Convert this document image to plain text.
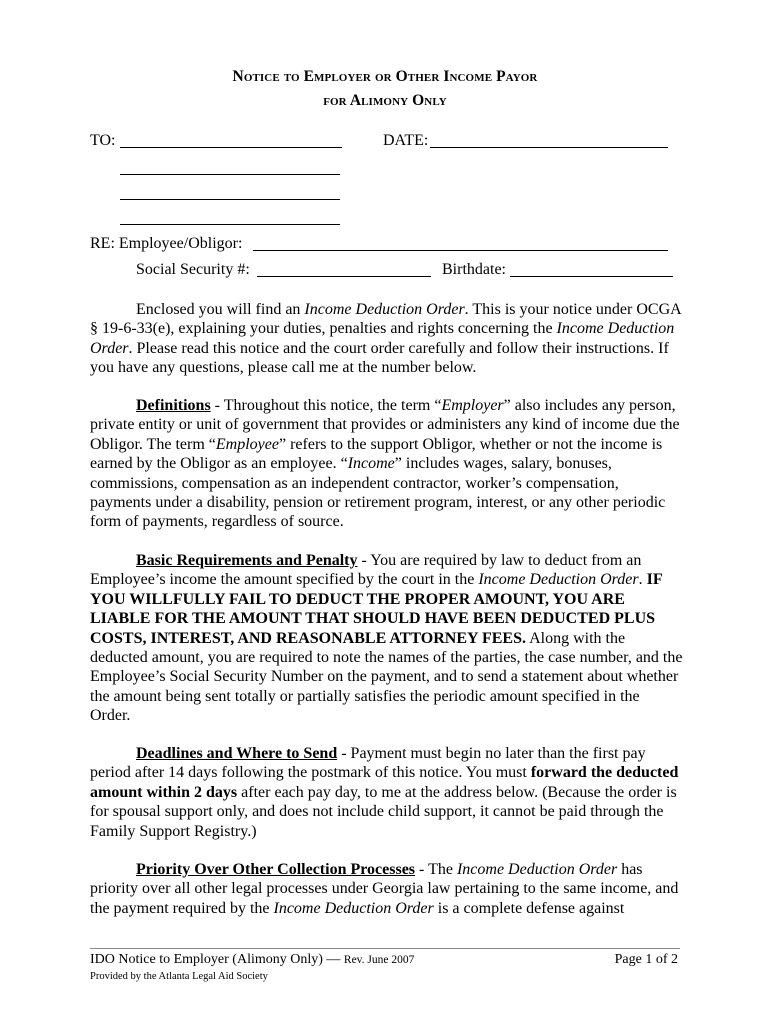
Notice to Employer or Other Income Payor
for Alimony Only
TO:	DATE:
RE: Employee/Obligor:
Social Security #:	Birthdate:

Enclosed you will find an Income Deduction Order. This is your notice under OCGA § 19-6-33(e), explaining your duties, penalties and rights concerning the Income Deduction Order. Please read this notice and the court order carefully and follow their instructions. If you have any questions, please call me at the number below.

Definitions - Throughout this notice, the term “Employer” also includes any person, private entity or unit of government that provides or administers any kind of income due the Obligor. The term “Employee” refers to the support Obligor, whether or not the income is earned by the Obligor as an employee. “Income” includes wages, salary, bonuses, commissions, compensation as an independent contractor, worker’s compensation, payments under a disability, pension or retirement program, interest, or any other periodic form of payments, regardless of source.

Basic Requirements and Penalty - You are required by law to deduct from an Employee’s income the amount specified by the court in the Income Deduction Order. IF YOU WILLFULLY FAIL TO DEDUCT THE PROPER AMOUNT, YOU ARE LIABLE FOR THE AMOUNT THAT SHOULD HAVE BEEN DEDUCTED PLUS COSTS, INTEREST, AND REASONABLE ATTORNEY FEES. Along with the deducted amount, you are required to note the names of the parties, the case number, and the Employee’s Social Security Number on the payment, and to send a statement about whether the amount being sent totally or partially satisfies the periodic amount specified in the Order.

Deadlines and Where to Send - Payment must begin no later than the first pay period after 14 days following the postmark of this notice. You must forward the deducted amount within 2 days after each pay day, to me at the address below. (Because the order is for spousal support only, and does not include child support, it cannot be paid through the Family Support Registry.)

Priority Over Other Collection Processes - The Income Deduction Order has priority over all other legal processes under Georgia law pertaining to the same income, and the payment required by the Income Deduction Order is a complete defense against

IDO Notice to Employer (Alimony Only) — Rev. June 2007
Provided by the Atlanta Legal Aid Society
Page 1 of 2
